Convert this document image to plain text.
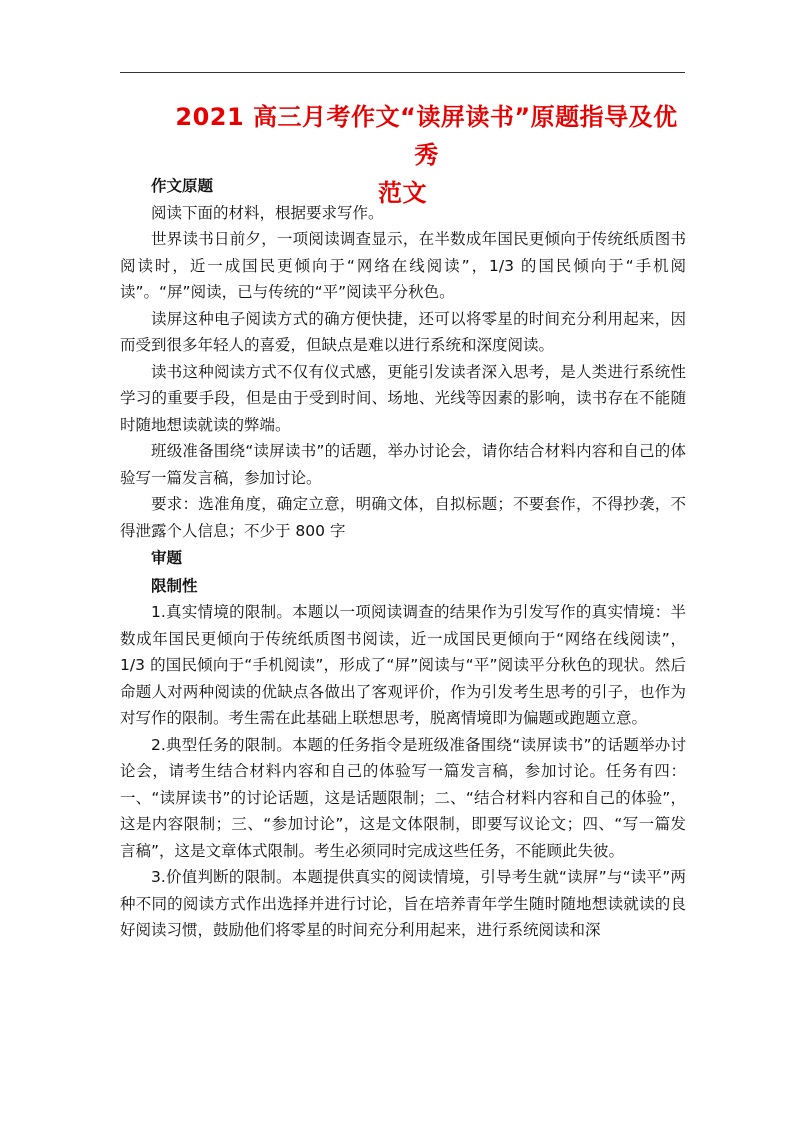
2021 高三月考作文“读屏读书”原题指导及优秀
范文

作文原题

阅读下面的材料，根据要求写作。

世界读书日前夕，一项阅读调查显示，在半数成年国民更倾向于传统纸质图书阅读时，近一成国民更倾向于“网络在线阅读”，1/3 的国民倾向于“手机阅读”。“屏”阅读，已与传统的“平”阅读平分秋色。

读屏这种电子阅读方式的确方便快捷，还可以将零星的时间充分利用起来，因而受到很多年轻人的喜爱，但缺点是难以进行系统和深度阅读。

读书这种阅读方式不仅有仪式感，更能引发读者深入思考，是人类进行系统性学习的重要手段，但是由于受到时间、场地、光线等因素的影响，读书存在不能随时随地想读就读的弊端。

班级准备围绕“读屏读书”的话题，举办讨论会，请你结合材料内容和自己的体验写一篇发言稿，参加讨论。

要求：选准角度，确定立意，明确文体，自拟标题；不要套作，不得抄袭，不得泄露个人信息；不少于 800 字

审题

限制性

1.真实情境的限制。本题以一项阅读调查的结果作为引发写作的真实情境：半数成年国民更倾向于传统纸质图书阅读，近一成国民更倾向于“网络在线阅读”，1/3 的国民倾向于“手机阅读”，形成了“屏”阅读与“平”阅读平分秋色的现状。然后命题人对两种阅读的优缺点各做出了客观评价，作为引发考生思考的引子，也作为对写作的限制。考生需在此基础上联想思考，脱离情境即为偏题或跑题立意。

2.典型任务的限制。本题的任务指令是班级准备围绕“读屏读书”的话题举办讨论会，请考生结合材料内容和自己的体验写一篇发言稿，参加讨论。任务有四：一、“读屏读书”的讨论话题，这是话题限制；二、“结合材料内容和自己的体验”，这是内容限制；三、“参加讨论”，这是文体限制，即要写议论文；四、“写一篇发言稿”，这是文章体式限制。考生必须同时完成这些任务，不能顾此失彼。

3.价值判断的限制。本题提供真实的阅读情境，引导考生就“读屏”与“读平”两种不同的阅读方式作出选择并进行讨论，旨在培养青年学生随时随地想读就读的良好阅读习惯，鼓励他们将零星的时间充分利用起来，进行系统阅读和深
